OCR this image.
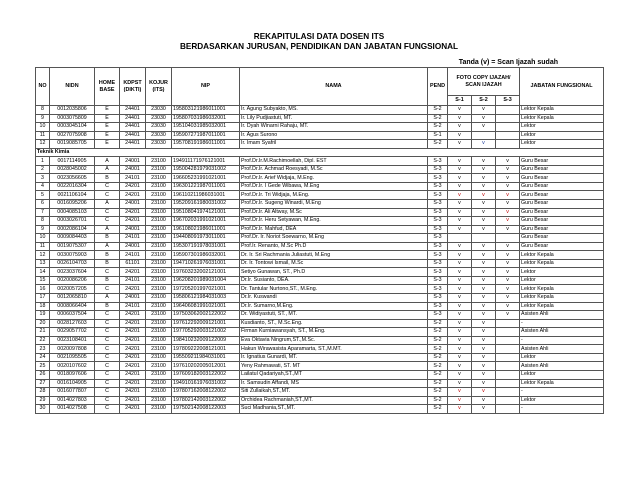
REKAPITULASI DATA DOSEN ITS
BERDASARKAN JURUSAN, PENDIDIKAN DAN JABATAN FUNGSIONAL
Tanda (v) = Scan Ijazah sudah
NO	NIDN	HOME BASE	KDPST (DIKTI)	KOJUR (ITS)	NIP	NAMA	PEND	FOTO COPY IJAZAH/ SCAN IJAZAH			JABATAN FUNGSIONAL
								S-1	S-2	S-3	
8	0012035806	E	24401	23030	195803121986011001	Ir. Agung Subyakto, MS.	S-2	v	v		Lektor Kepala
9	0003075809	E	24401	23030	195807031986032001	Ir. Lily Pudjiastuti, MT.	S-2	v	v		Lektor Kepala
10	0003045104	E	24401	23030	195104031985032001	Ir. Dyah Winarni Rahaju, MT.	S-2	v	v		Lektor
11	0027075908	E	24401	23030	195907271987011001	Ir. Agus Surono	S-1	v			Lektor
12	0019085705	E	24401	23030	195708191986011001	Ir. Imam Syafril	S-2	v	v		Lektor
Teknik Kimia											
1	0017114905	A	24001	23100	194911171976121001	Prof.Dr.Ir.M.Rachimoellah, Dipl. EST	S-3	v	v	v	Guru Besar
2	0028045002	A	24001	23100	195004281979031002	Prof.Dr.Ir. Achmad Roesyadi, M.Sc	S-3	v	v	v	Guru Besar
3	0023056605	B	24101	23100	196605231991021001	Prof.Dr.Ir. Arief Widjaja, M.Eng.	S-3	v	v	v	Guru Besar
4	0022016304	C	24201	23100	196301221987011001	Prof.Dr.Ir. I Gede Wibawa, M.Eng	S-3	v	v	v	Guru Besar
5	0021106104	C	24201	23100	196110211986031001	Prof.Dr.Ir. Tri Widjaja, M.Eng.	S-3	v	v	v	Guru Besar
6	0016095206	A	24001	23100	195209161980031002	Prof.Dr.Ir. Sugeng Winardi, M.Eng	S-3	v	v	v	Guru Besar
7	0004085103	C	24201	23100	195108041974121001	Prof.Dr.Ir. Ali Altway, M.Sc	S-3	v	v	v	Guru Besar
8	0003026701	C	24201	23100	196702031991021001	Prof.Dr.Ir. Heru Setyawan, M.Eng.	S-3	v	v	v	Guru Besar
9	0002086104	A	24001	23100	196108021986011001	Prof.Dr.Ir. Mahfud, DEA	S-3	v	v	v	Guru Besar
10	0009084403	B	24101	23100	194408091973011001	Prof.Dr. Ir. Noriot Soewarno, M.Eng	S-3				Guru Besar
11	0019075307	A	24001	23100	195307191978031001	Prof.Ir. Renanto, M.Sc Ph.D	S-3	v	v	v	Guru Besar
12	0030075903	B	24101	23100	195907301986032001	Dr. Ir. Sri Rachmania Juliastuti, M.Eng	S-3	v	v	v	Lektor Kepala
13	0026104703	B	61101	23100	194710261976031001	Dr. Ir. Tontowi Ismail, M.Sc	S-3	v	v	v	Lektor Kepala
14	0023037604	C	24201	23100	197603232002121001	Setiyo Gunawan, ST., Ph.D	S-3	v	v	v	Lektor
15	0020086206	B	24101	23100	196208201989031004	Dr.Ir. Susianto, DEA.	S-3	v	v	v	Lektor
16	0020057205	C	24201	23100	197205201997021001	Dr. Tantular Nurtono,ST., M.Eng.	S-3	v	v	v	Lektor Kepala
17	0012065810	A	24001	23100	195806121984031003	Dr.Ir. Kuswandi	S-3	v	v	v	Lektor Kepala
18	0008066404	B	24101	23100	196406081991021001	Dr.Ir. Sumarno,M.Eng.	S-3	v	v	v	Lektor Kepala
19	0006037504	C	24201	23100	197503062002122002	Dr. Widiyastuti, ST., MT.	S-3	v	v	v	Asisten Ahli
20	0028127603	C	24201	23100	197612292009121001	Kusdianto, ST., M.Sc.Eng.	S-2	v	v		-
21	0029057702	C	24201	23100	197705292003121002	Firman Kurniawansyah, ST., M.Eng.	S-2	v	v		Asisten Ahli
22	0023108401	C	24201	23100	198410232009122009	Eva Oktavia Ningrum,ST.,M.Sc.	S-2	v	v		-
23	0020097808	C	24201	23100	197809222008121001	Hakun Wirawasista Aparamarta, ST.,M.MT.	S-2	v	v		Asisten Ahli
24	0021095505	C	24201	23100	195509211984031001	Ir. Ignatius Gunardi, MT.	S-2	v	v		Lektor
25	0020107602	C	24201	23100	197610202005012001	Yeny Rahmawati, ST. MT	S-2	v	v		Asisten Ahli
26	0018097606	C	24201	23100	197609182003122002	Lailatul Qadariyah,ST.,MT	S-2	v	v		Lektor
27	0016104905	C	24201	23100	194910161976031002	Ir. Samsudin Affandi, MS	S-2	v	v		Lektor Kepala
28	0016077807	C	24201	23100	197807162008122002	Siti Zullaikah,ST.,MT.	S-2	v	v		-
29	0014027803	C	24201	23100	197802142003122002	Orchidea Rachmaniah,ST.,MT.	S-2	v	v		Lektor
30	0014027508	C	24201	23100	197502142008122003	Suci Madhania,ST.,MT.	S-2	v	v		-
